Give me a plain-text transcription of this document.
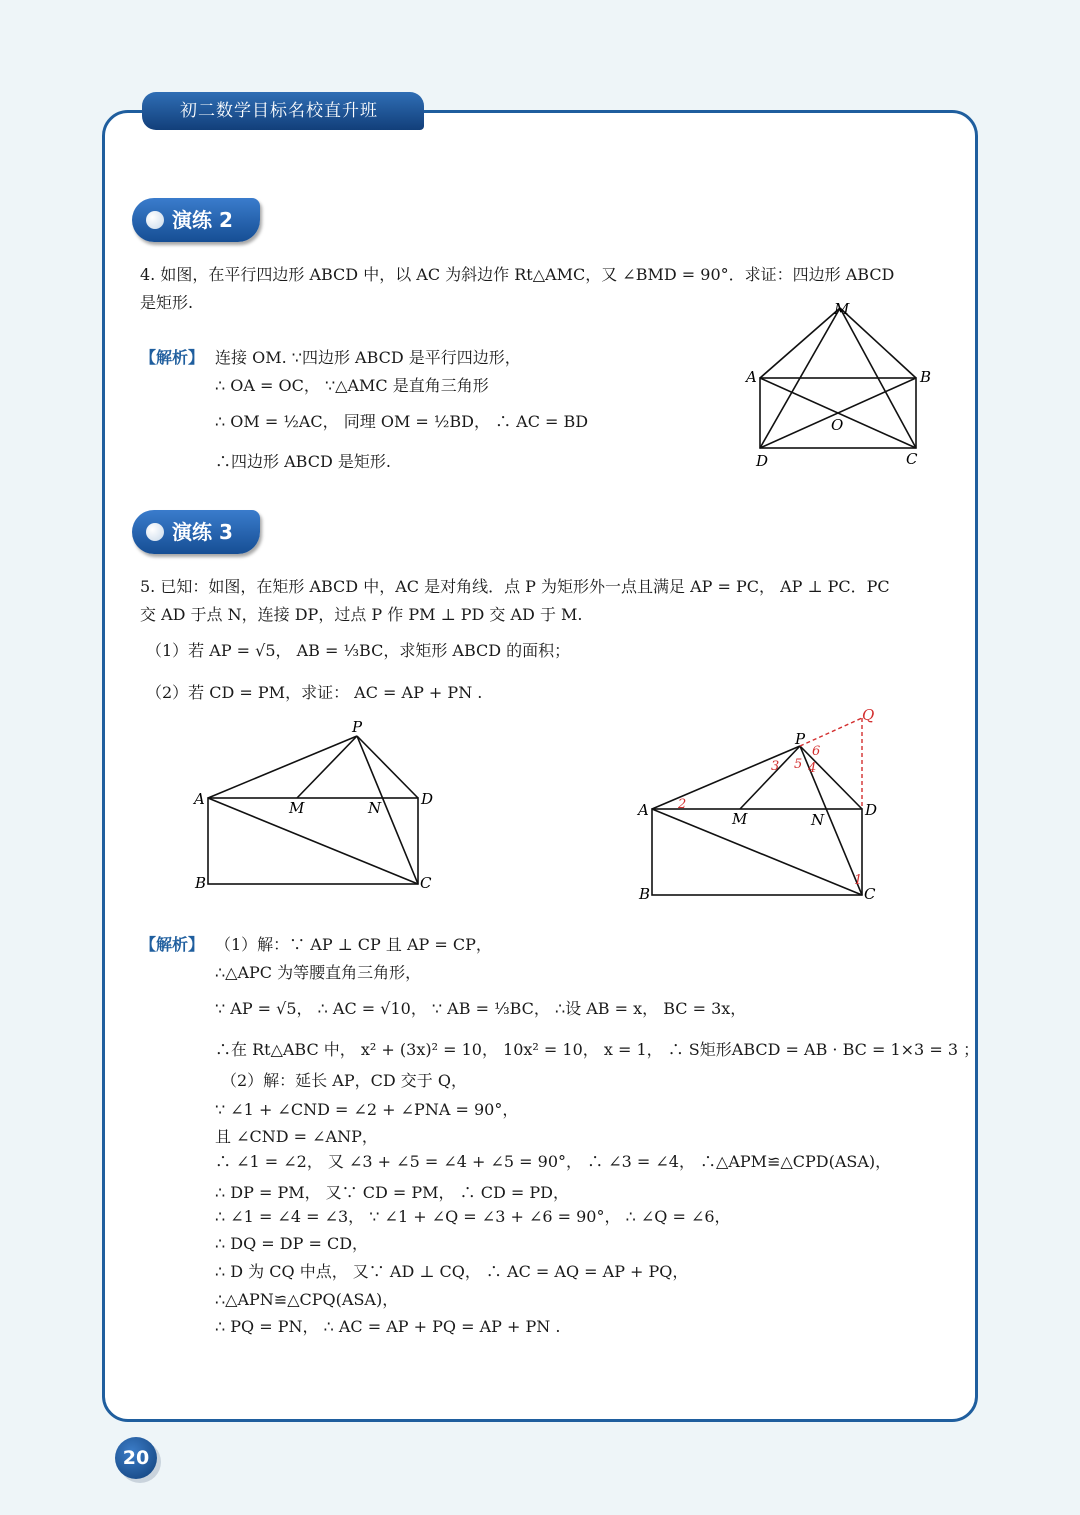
初二数学目标名校直升班
演练 2
4. 如图，在平行四边形 ABCD 中，以 AC 为斜边作 Rt△AMC，又 ∠BMD = 90°．求证：四边形 ABCD
是矩形.
【解析】 连接 OM. ∵四边形 ABCD 是平行四边形，
∴ OA = OC， ∵△AMC 是直角三角形
∴ OM = ½AC， 同理 OM = ½BD， ∴ AC = BD
∴四边形 ABCD 是矩形.
M
A	B
O
D	C
演练 3
5. 已知：如图，在矩形 ABCD 中，AC 是对角线．点 P 为矩形外一点且满足 AP = PC， AP ⊥ PC．PC
交 AD 于点 N，连接 DP，过点 P 作 PM ⊥ PD 交 AD 于 M.
（1）若 AP = √5， AB = ⅓BC，求矩形 ABCD 的面积；
（2）若 CD = PM，求证： AC = AP + PN .
P
A	M	N	D
B	C
Q
1
2
3 4
5
6
P
A	M	N
D
B	C
【解析】 （1）解：∵ AP ⊥ CP 且 AP = CP，
∴△APC 为等腰直角三角形，
∵ AP = √5， ∴ AC = √10， ∵ AB = ⅓BC， ∴设 AB = x， BC = 3x，
∴在 Rt△ABC 中， x² + (3x)² = 10， 10x² = 10， x = 1， ∴ S矩形ABCD = AB · BC = 1×3 = 3 ；
（2）解：延长 AP，CD 交于 Q，
∵ ∠1 + ∠CND = ∠2 + ∠PNA = 90°，
且 ∠CND = ∠ANP，
∴ ∠1 = ∠2， 又 ∠3 + ∠5 = ∠4 + ∠5 = 90°， ∴ ∠3 = ∠4， ∴△APM≌△CPD(ASA)，
∴ DP = PM， 又∵ CD = PM， ∴ CD = PD，
∴ ∠1 = ∠4 = ∠3， ∵ ∠1 + ∠Q = ∠3 + ∠6 = 90°， ∴ ∠Q = ∠6，
∴ DQ = DP = CD，
∴ D 为 CQ 中点， 又∵ AD ⊥ CQ， ∴ AC = AQ = AP + PQ，
∴△APN≌△CPQ(ASA)，
∴ PQ = PN， ∴ AC = AP + PQ = AP + PN .
20
